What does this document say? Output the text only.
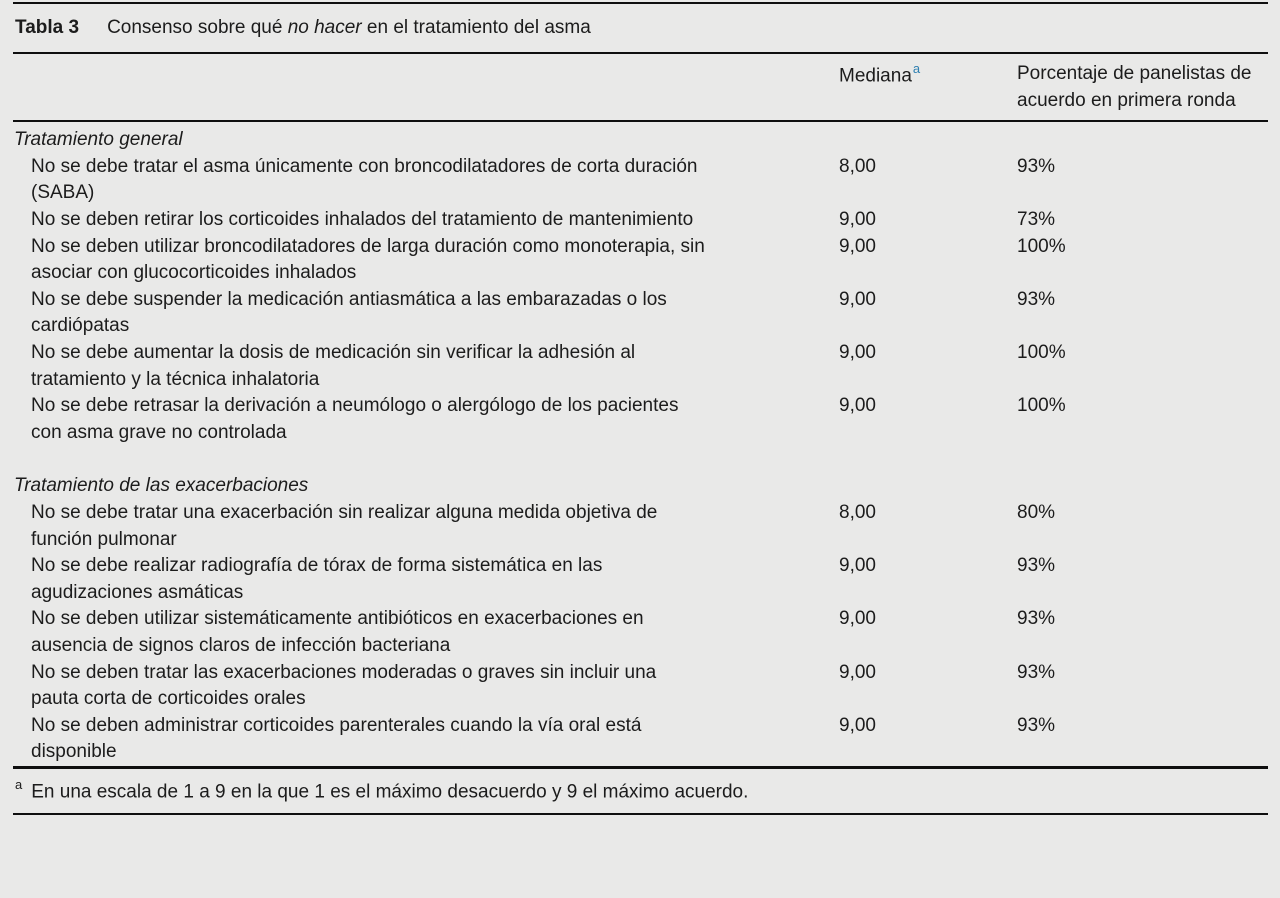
Tabla 3 Consenso sobre qué no hacer en el tratamiento del asma
Mediana$^a$	Porcentaje de panelistas de acuerdo en primera ronda
Tratamiento general
No se debe tratar el asma únicamente con broncodilatadores de corta duración (SABA)
8,00	93%
No se deben retirar los corticoides inhalados del tratamiento de mantenimiento	9,00	73%
No se deben utilizar broncodilatadores de larga duración como monoterapia, sin asociar con glucocorticoides inhalados
9,00	100%
No se debe suspender la medicación antiasmática a las embarazadas o los cardiópatas
9,00	93%
No se debe aumentar la dosis de medicación sin verificar la adhesión al tratamiento y la técnica inhalatoria
9,00	100%
No se debe retrasar la derivación a neumólogo o alergólogo de los pacientes con asma grave no controlada
9,00	100%
Tratamiento de las exacerbaciones
No se debe tratar una exacerbación sin realizar alguna medida objetiva de función pulmonar
8,00	80%
No se debe realizar radiografía de tórax de forma sistemática en las agudizaciones asmáticas
9,00	93%
No se deben utilizar sistemáticamente antibióticos en exacerbaciones en ausencia de signos claros de infección bacteriana
9,00	93%
No se deben tratar las exacerbaciones moderadas o graves sin incluir una pauta corta de corticoides orales
9,00	93%
No se deben administrar corticoides parenterales cuando la vía oral está disponible
9,00	93%
$^a$ En una escala de 1 a 9 en la que 1 es el máximo desacuerdo y 9 el máximo acuerdo.
